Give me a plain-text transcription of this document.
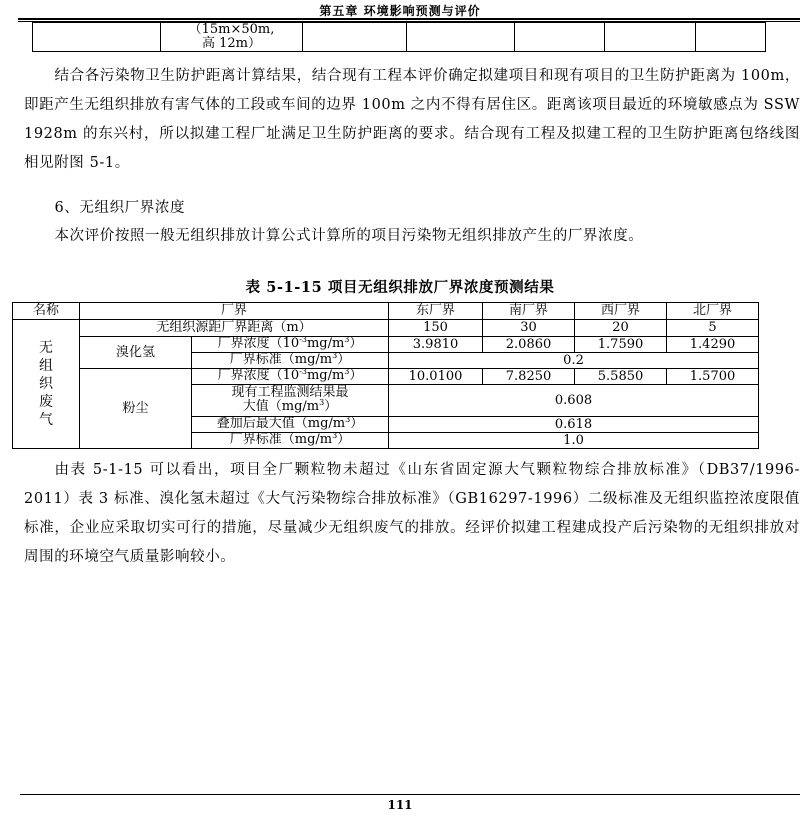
第五章 环境影响预测与评价

（15m×50m,
高 12m）

结合各污染物卫生防护距离计算结果，结合现有工程本评价确定拟建项目和现有项目的卫生防护距离为 100m，即距产生无组织排放有害气体的工段或车间的边界 100m 之内不得有居住区。距离该项目最近的环境敏感点为 SSW 1928m 的东兴村，所以拟建工程厂址满足卫生防护距离的要求。结合现有工程及拟建工程的卫生防护距离包络线图相见附图 5-1。
6、无组织厂界浓度
本次评价按照一般无组织排放计算公式计算所的项目污染物无组织排放产生的厂界浓度。
表 5-1-15 项目无组织排放厂界浓度预测结果
名称	厂界		东厂界	南厂界	西厂界	北厂界

无组织废气	无组织源距厂界距离（m）		150	30	20	5
	溴化氢	厂界浓度$(10^{-3}mg/m^3)$	3.9810	2.0860	1.7590	1.4290
		厂界标准$(mg/m^3)$	0.2			
	粉尘	厂界浓度$(10^{-3}mg/m^3)$	10.0100	7.8250	5.5850	1.5700

		现有工程监测结果最
大值$(mg/m^3)$	0.608			
		叠加后最大值$(mg/m^3)$	0.618			
		厂界标准$(mg/m^3)$	1.0			
由表 5-1-15 可以看出，项目全厂颗粒物未超过《山东省固定源大气颗粒物综合排放标准》（DB37/1996-2011）表 3 标准、溴化氢未超过《大气污染物综合排放标准》（GB16297-1996）二级标准及无组织监控浓度限值标准，企业应采取切实可行的措施，尽量减少无组织废气的排放。经评价拟建工程建成投产后污染物的无组织排放对周围的环境空气质量影响较小。
111
